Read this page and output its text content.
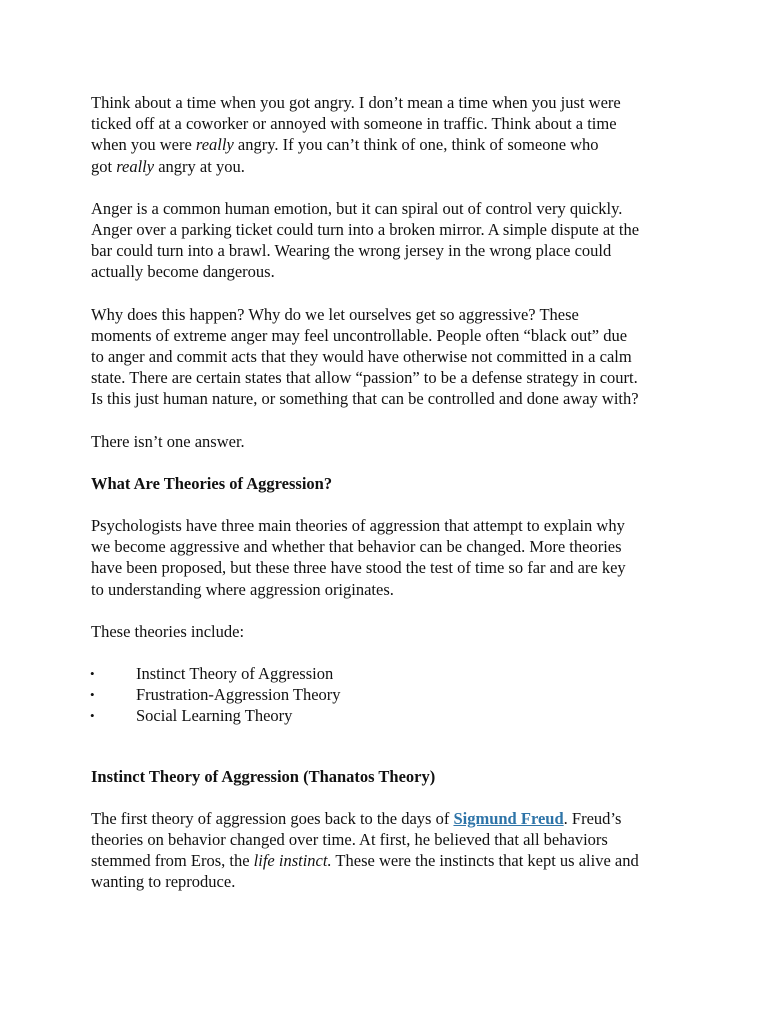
Think about a time when you got angry. I don’t mean a time when you just were
ticked off at a coworker or annoyed with someone in traffic. Think about a time
when you were really angry. If you can’t think of one, think of someone who
got really angry at you.

Anger is a common human emotion, but it can spiral out of control very quickly.
Anger over a parking ticket could turn into a broken mirror. A simple dispute at the
bar could turn into a brawl. Wearing the wrong jersey in the wrong place could
actually become dangerous.

Why does this happen? Why do we let ourselves get so aggressive? These
moments of extreme anger may feel uncontrollable. People often “black out” due
to anger and commit acts that they would have otherwise not committed in a calm
state. There are certain states that allow “passion” to be a defense strategy in court.
Is this just human nature, or something that can be controlled and done away with?

There isn’t one answer.

What Are Theories of Aggression?

Psychologists have three main theories of aggression that attempt to explain why
we become aggressive and whether that behavior can be changed. More theories
have been proposed, but these three have stood the test of time so far and are key
to understanding where aggression originates.

These theories include:

•	Instinct Theory of Aggression
•	Frustration-Aggression Theory
•	Social Learning Theory

Instinct Theory of Aggression (Thanatos Theory)

The first theory of aggression goes back to the days of Sigmund Freud. Freud’s
theories on behavior changed over time. At first, he believed that all behaviors
stemmed from Eros, the life instinct. These were the instincts that kept us alive and
wanting to reproduce.
